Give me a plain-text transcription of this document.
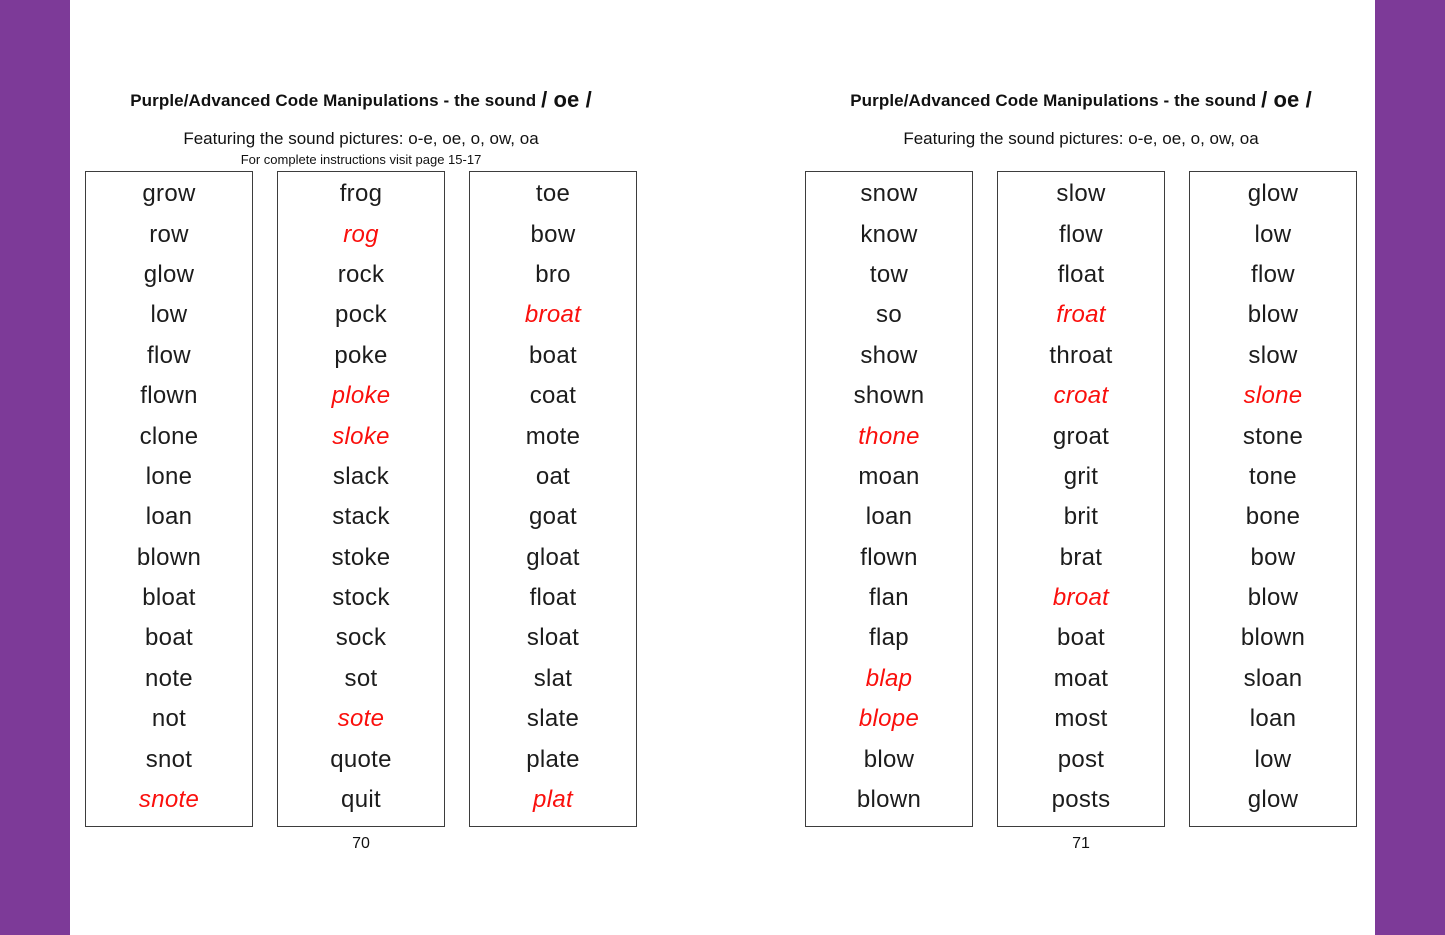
Purple/Advanced Code Manipulations - the sound / oe /
Featuring the sound pictures: o-e, oe, o, ow, oa
For complete instructions visit page 15-17
grow
row
glow
low
flow
flown
clone
lone
loan
blown
bloat
boat
note
not
snot
snote
frog
rog
rock
pock
poke
ploke
sloke
slack
stack
stoke
stock
sock
sot
sote
quote
quit
toe
bow
bro
broat
boat
coat
mote
oat
goat
gloat
float
sloat
slat
slate
plate
plat
70
Purple/Advanced Code Manipulations - the sound / oe /
Featuring the sound pictures: o-e, oe, o, ow, oa
snow
know
tow
so
show
shown
thone
moan
loan
flown
flan
flap
blap
blope
blow
blown
slow
flow
float
froat
throat
croat
groat
grit
brit
brat
broat
boat
moat
most
post
posts
glow
low
flow
blow
slow
slone
stone
tone
bone
bow
blow
blown
sloan
loan
low
glow
71
